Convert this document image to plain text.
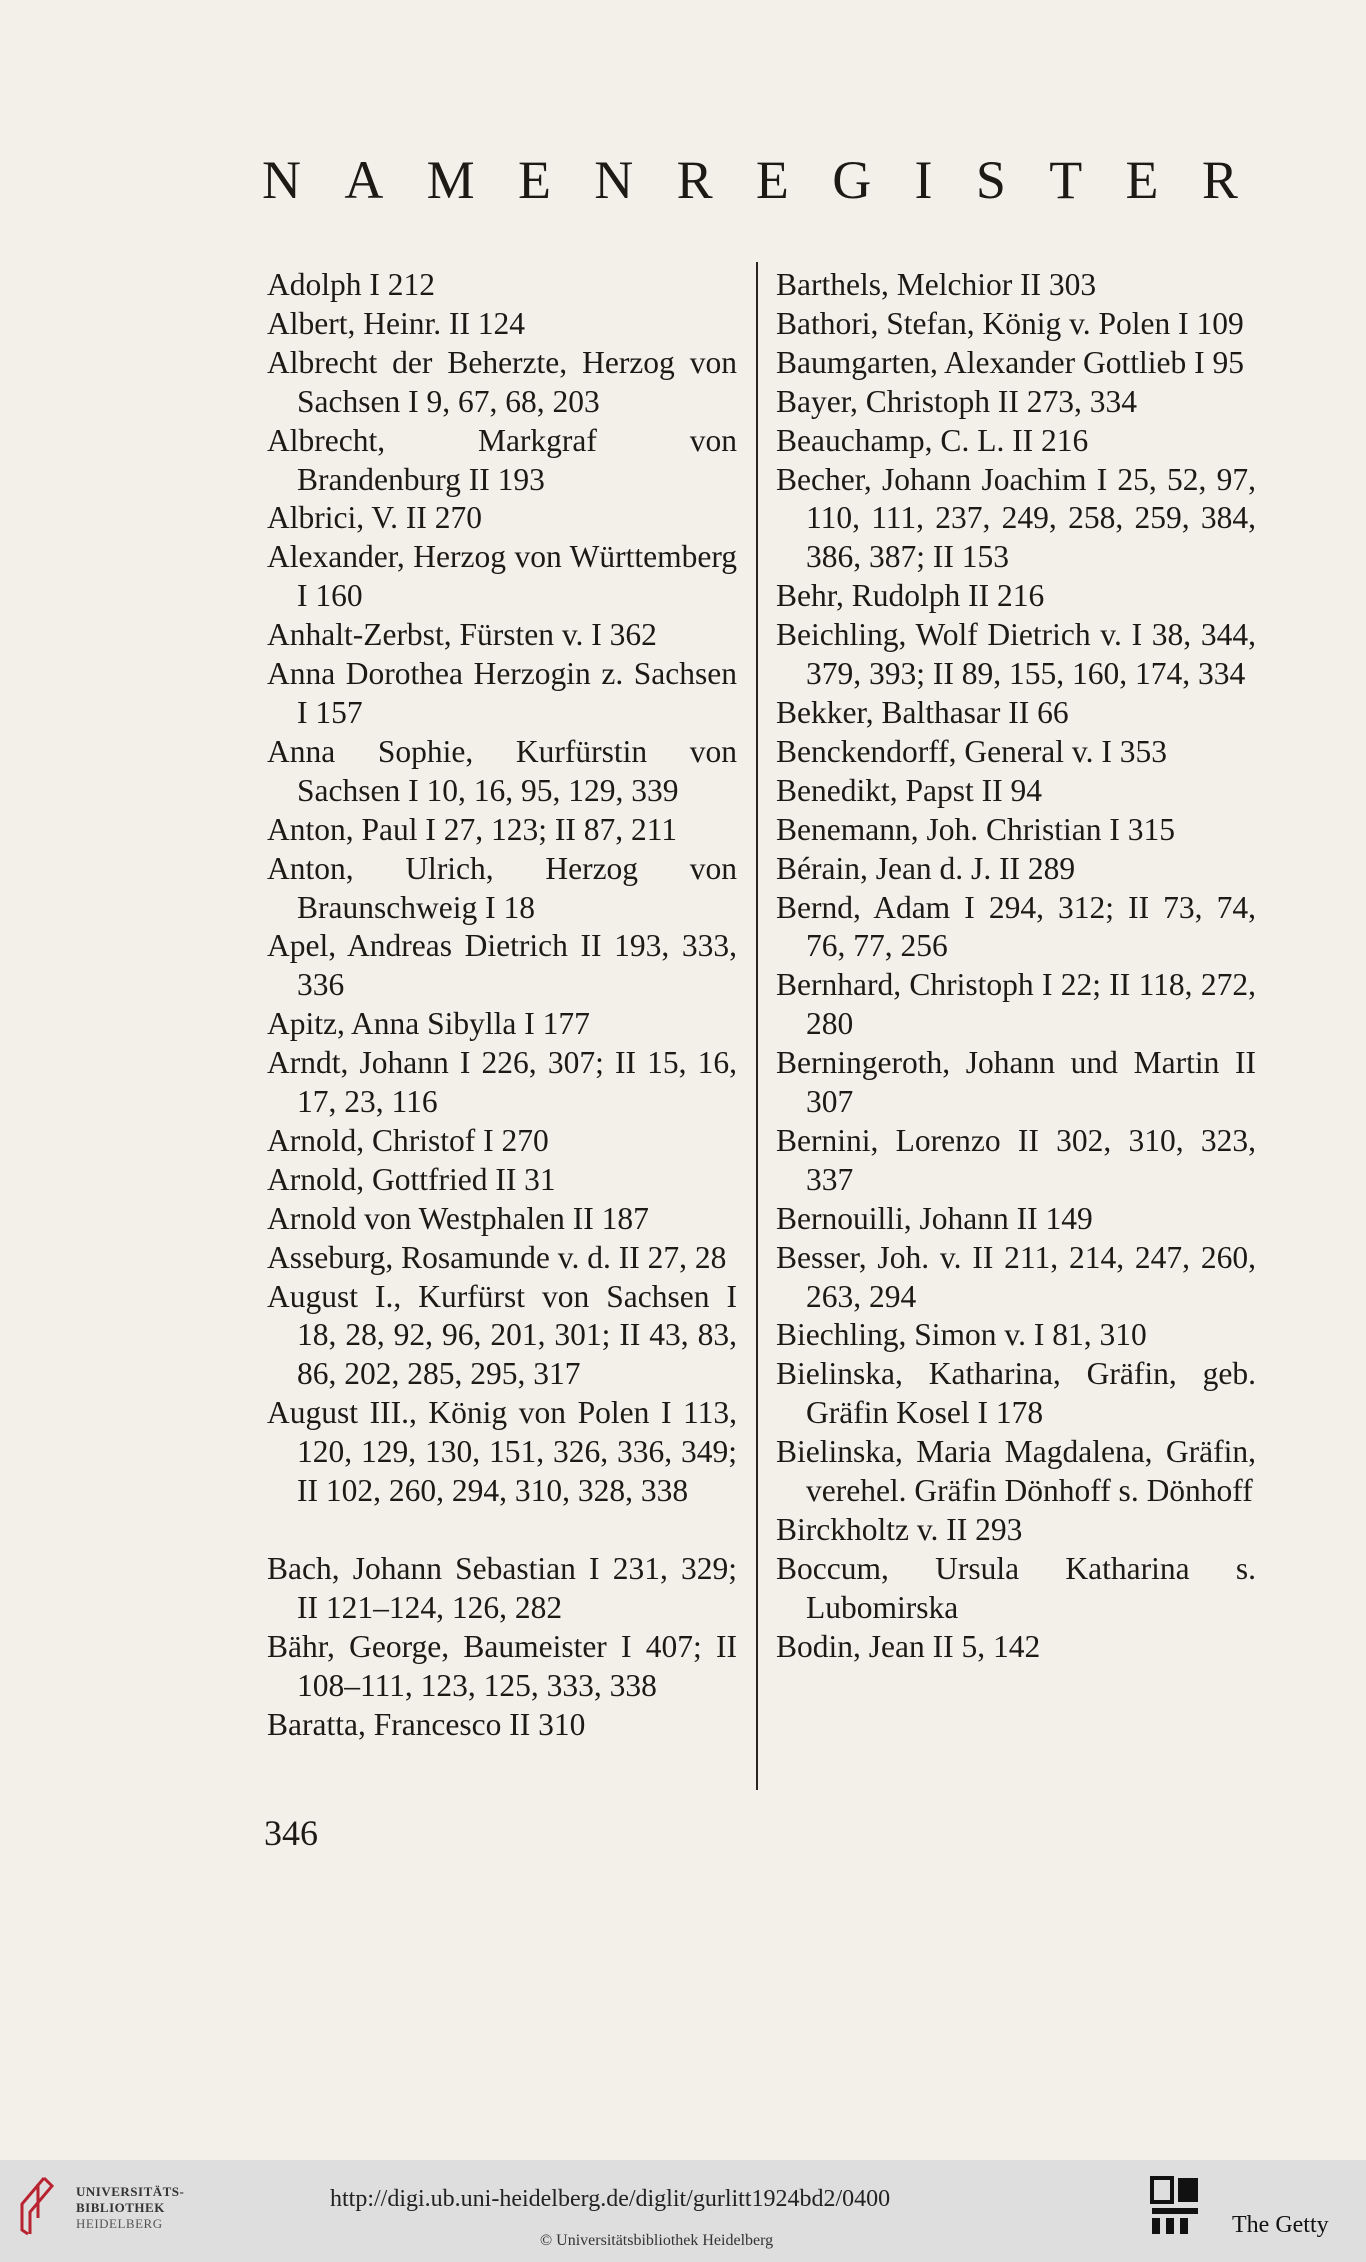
N A M E N R E G I S T E R
Adolph I 212
Albert, Heinr. II 124
Albrecht der Beherzte, Herzog von Sachsen I 9, 67, 68, 203
Albrecht, Markgraf von Brandenburg II 193
Albrici, V. II 270
Alexander, Herzog von Württemberg I 160
Anhalt-Zerbst, Fürsten v. I 362
Anna Dorothea Herzogin z. Sachsen I 157
Anna Sophie, Kurfürstin von Sachsen I 10, 16, 95, 129, 339
Anton, Paul I 27, 123; II 87, 211
Anton, Ulrich, Herzog von Braunschweig I 18
Apel, Andreas Dietrich II 193, 333, 336
Apitz, Anna Sibylla I 177
Arndt, Johann I 226, 307; II 15, 16, 17, 23, 116
Arnold, Christof I 270
Arnold, Gottfried II 31
Arnold von Westphalen II 187
Asseburg, Rosamunde v. d. II 27, 28
August I., Kurfürst von Sachsen I 18, 28, 92, 96, 201, 301; II 43, 83, 86, 202, 285, 295, 317
August III., König von Polen I 113, 120, 129, 130, 151, 326, 336, 349; II 102, 260, 294, 310, 328, 338
Bach, Johann Sebastian I 231, 329; II 121–124, 126, 282
Bähr, George, Baumeister I 407; II 108–111, 123, 125, 333, 338
Baratta, Francesco II 310
Barthels, Melchior II 303
Bathori, Stefan, König v. Polen I 109
Baumgarten, Alexander Gottlieb I 95
Bayer, Christoph II 273, 334
Beauchamp, C. L. II 216
Becher, Johann Joachim I 25, 52, 97, 110, 111, 237, 249, 258, 259, 384, 386, 387; II 153
Behr, Rudolph II 216
Beichling, Wolf Dietrich v. I 38, 344, 379, 393; II 89, 155, 160, 174, 334
Bekker, Balthasar II 66
Benckendorff, General v. I 353
Benedikt, Papst II 94
Benemann, Joh. Christian I 315
Bérain, Jean d. J. II 289
Bernd, Adam I 294, 312; II 73, 74, 76, 77, 256
Bernhard, Christoph I 22; II 118, 272, 280
Berningeroth, Johann und Martin II 307
Bernini, Lorenzo II 302, 310, 323, 337
Bernouilli, Johann II 149
Besser, Joh. v. II 211, 214, 247, 260, 263, 294
Biechling, Simon v. I 81, 310
Bielinska, Katharina, Gräfin, geb. Gräfin Kosel I 178
Bielinska, Maria Magdalena, Gräfin, verehel. Gräfin Dönhoff s. Dönhoff
Birckholtz v. II 293
Boccum, Ursula Katharina s. Lubomirska
Bodin, Jean II 5, 142
346
UNIVERSITÄTS-
BIBLIOTHEK
HEIDELBERG
http://digi.ub.uni-heidelberg.de/diglit/gurlitt1924bd2/0400
© Universitätsbibliothek Heidelberg
The Getty
